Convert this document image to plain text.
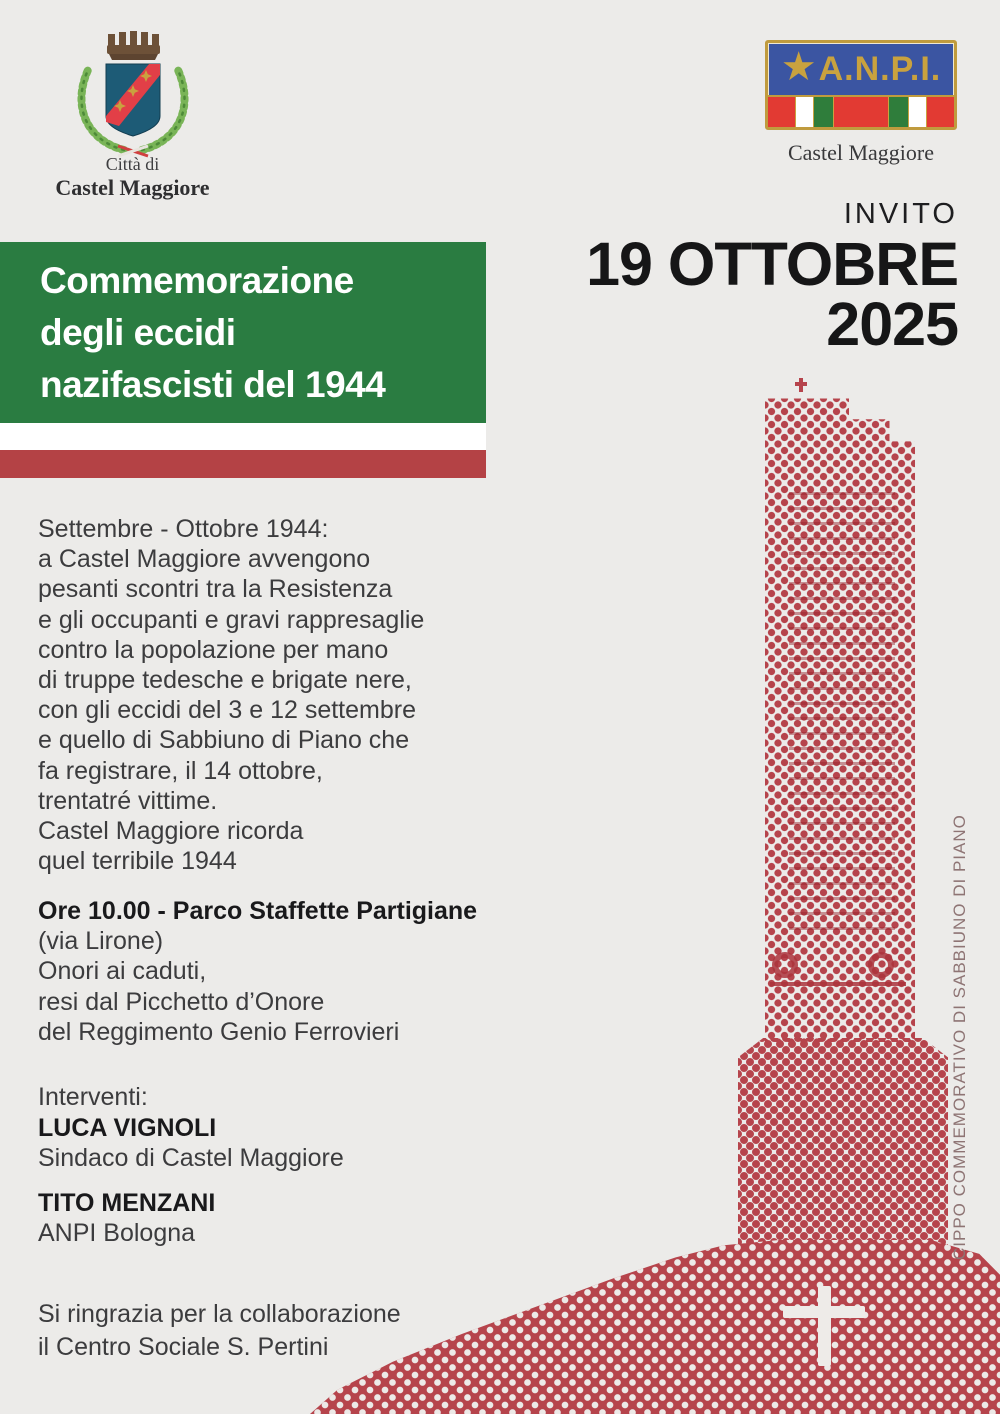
Città di
Castel Maggiore
★ A.N.P.I.
Castel Maggiore
INVITO
19 OTTOBRE
2025
Commemorazione
degli eccidi
nazifascisti del 1944
Settembre - Ottobre 1944:
a Castel Maggiore avvengono
pesanti scontri tra la Resistenza
e gli occupanti e gravi rappresaglie
contro la popolazione per mano
di truppe tedesche e brigate nere,
con gli eccidi del 3 e 12 settembre
e quello di Sabbiuno di Piano che
fa registrare, il 14 ottobre,
trentatré vittime.
Castel Maggiore ricorda
quel terribile 1944
Ore 10.00 - Parco Staffette Partigiane
(via Lirone)
Onori ai caduti,
resi dal Picchetto d’Onore
del Reggimento Genio Ferrovieri
Interventi:
LUCA VIGNOLI
Sindaco di Castel Maggiore
TITO MENZANI
ANPI Bologna
Si ringrazia per la collaborazione
il Centro Sociale S. Pertini
CIPPO COMMEMORATIVO DI SABBIUNO DI PIANO
